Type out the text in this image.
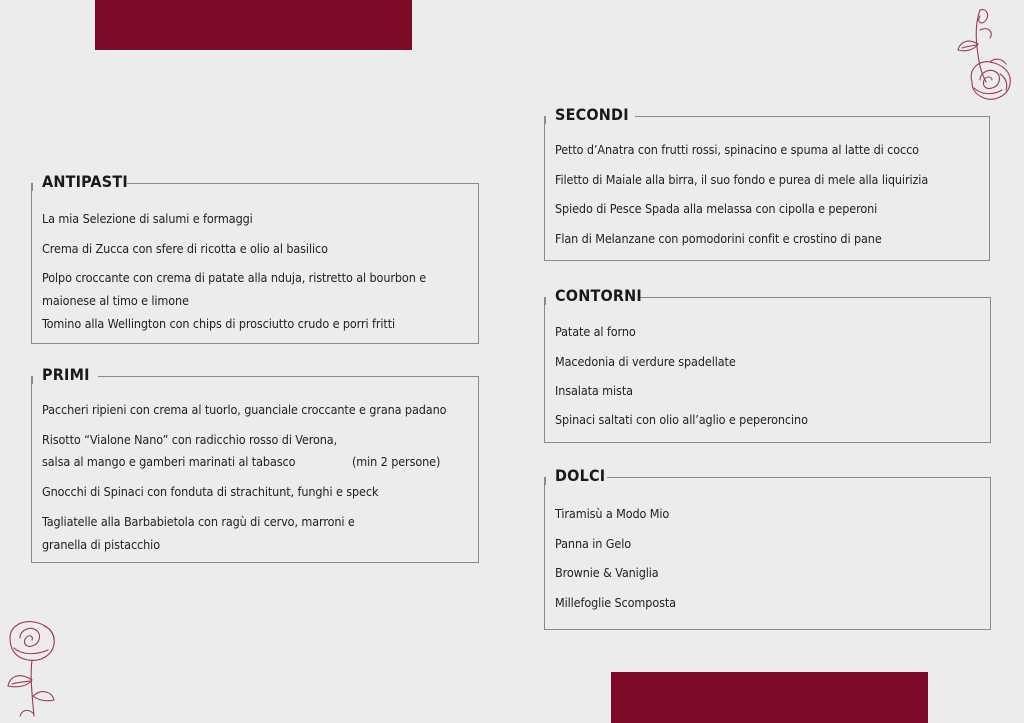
ANTIPASTI
La mia Selezione di salumi e formaggi
Crema di Zucca con sfere di ricotta e olio al basilico
Polpo croccante con crema di patate alla nduja, ristretto al bourbon e
maionese al timo e limone
Tomino alla Wellington con chips di prosciutto crudo e porri fritti
PRIMI
Paccheri ripieni con crema al tuorlo, guanciale croccante e grana padano
Risotto “Vialone Nano” con radicchio rosso di Verona,
salsa al mango e gamberi marinati al tabasco	(min 2 persone)
Gnocchi di Spinaci con fonduta di strachitunt, funghi e speck
Tagliatelle alla Barbabietola con ragù di cervo, marroni e
granella di pistacchio
SECONDI
Petto d’Anatra con frutti rossi, spinacino e spuma al latte di cocco
Filetto di Maiale alla birra, il suo fondo e purea di mele alla liquirizia
Spiedo di Pesce Spada alla melassa con cipolla e peperoni
Flan di Melanzane con pomodorini confit e crostino di pane
CONTORNI
Patate al forno
Macedonia di verdure spadellate
Insalata mista
Spinaci saltati con olio all’aglio e peperoncino
DOLCI
Tiramisù a Modo Mio
Panna in Gelo
Brownie & Vaniglia
Millefoglie Scomposta
